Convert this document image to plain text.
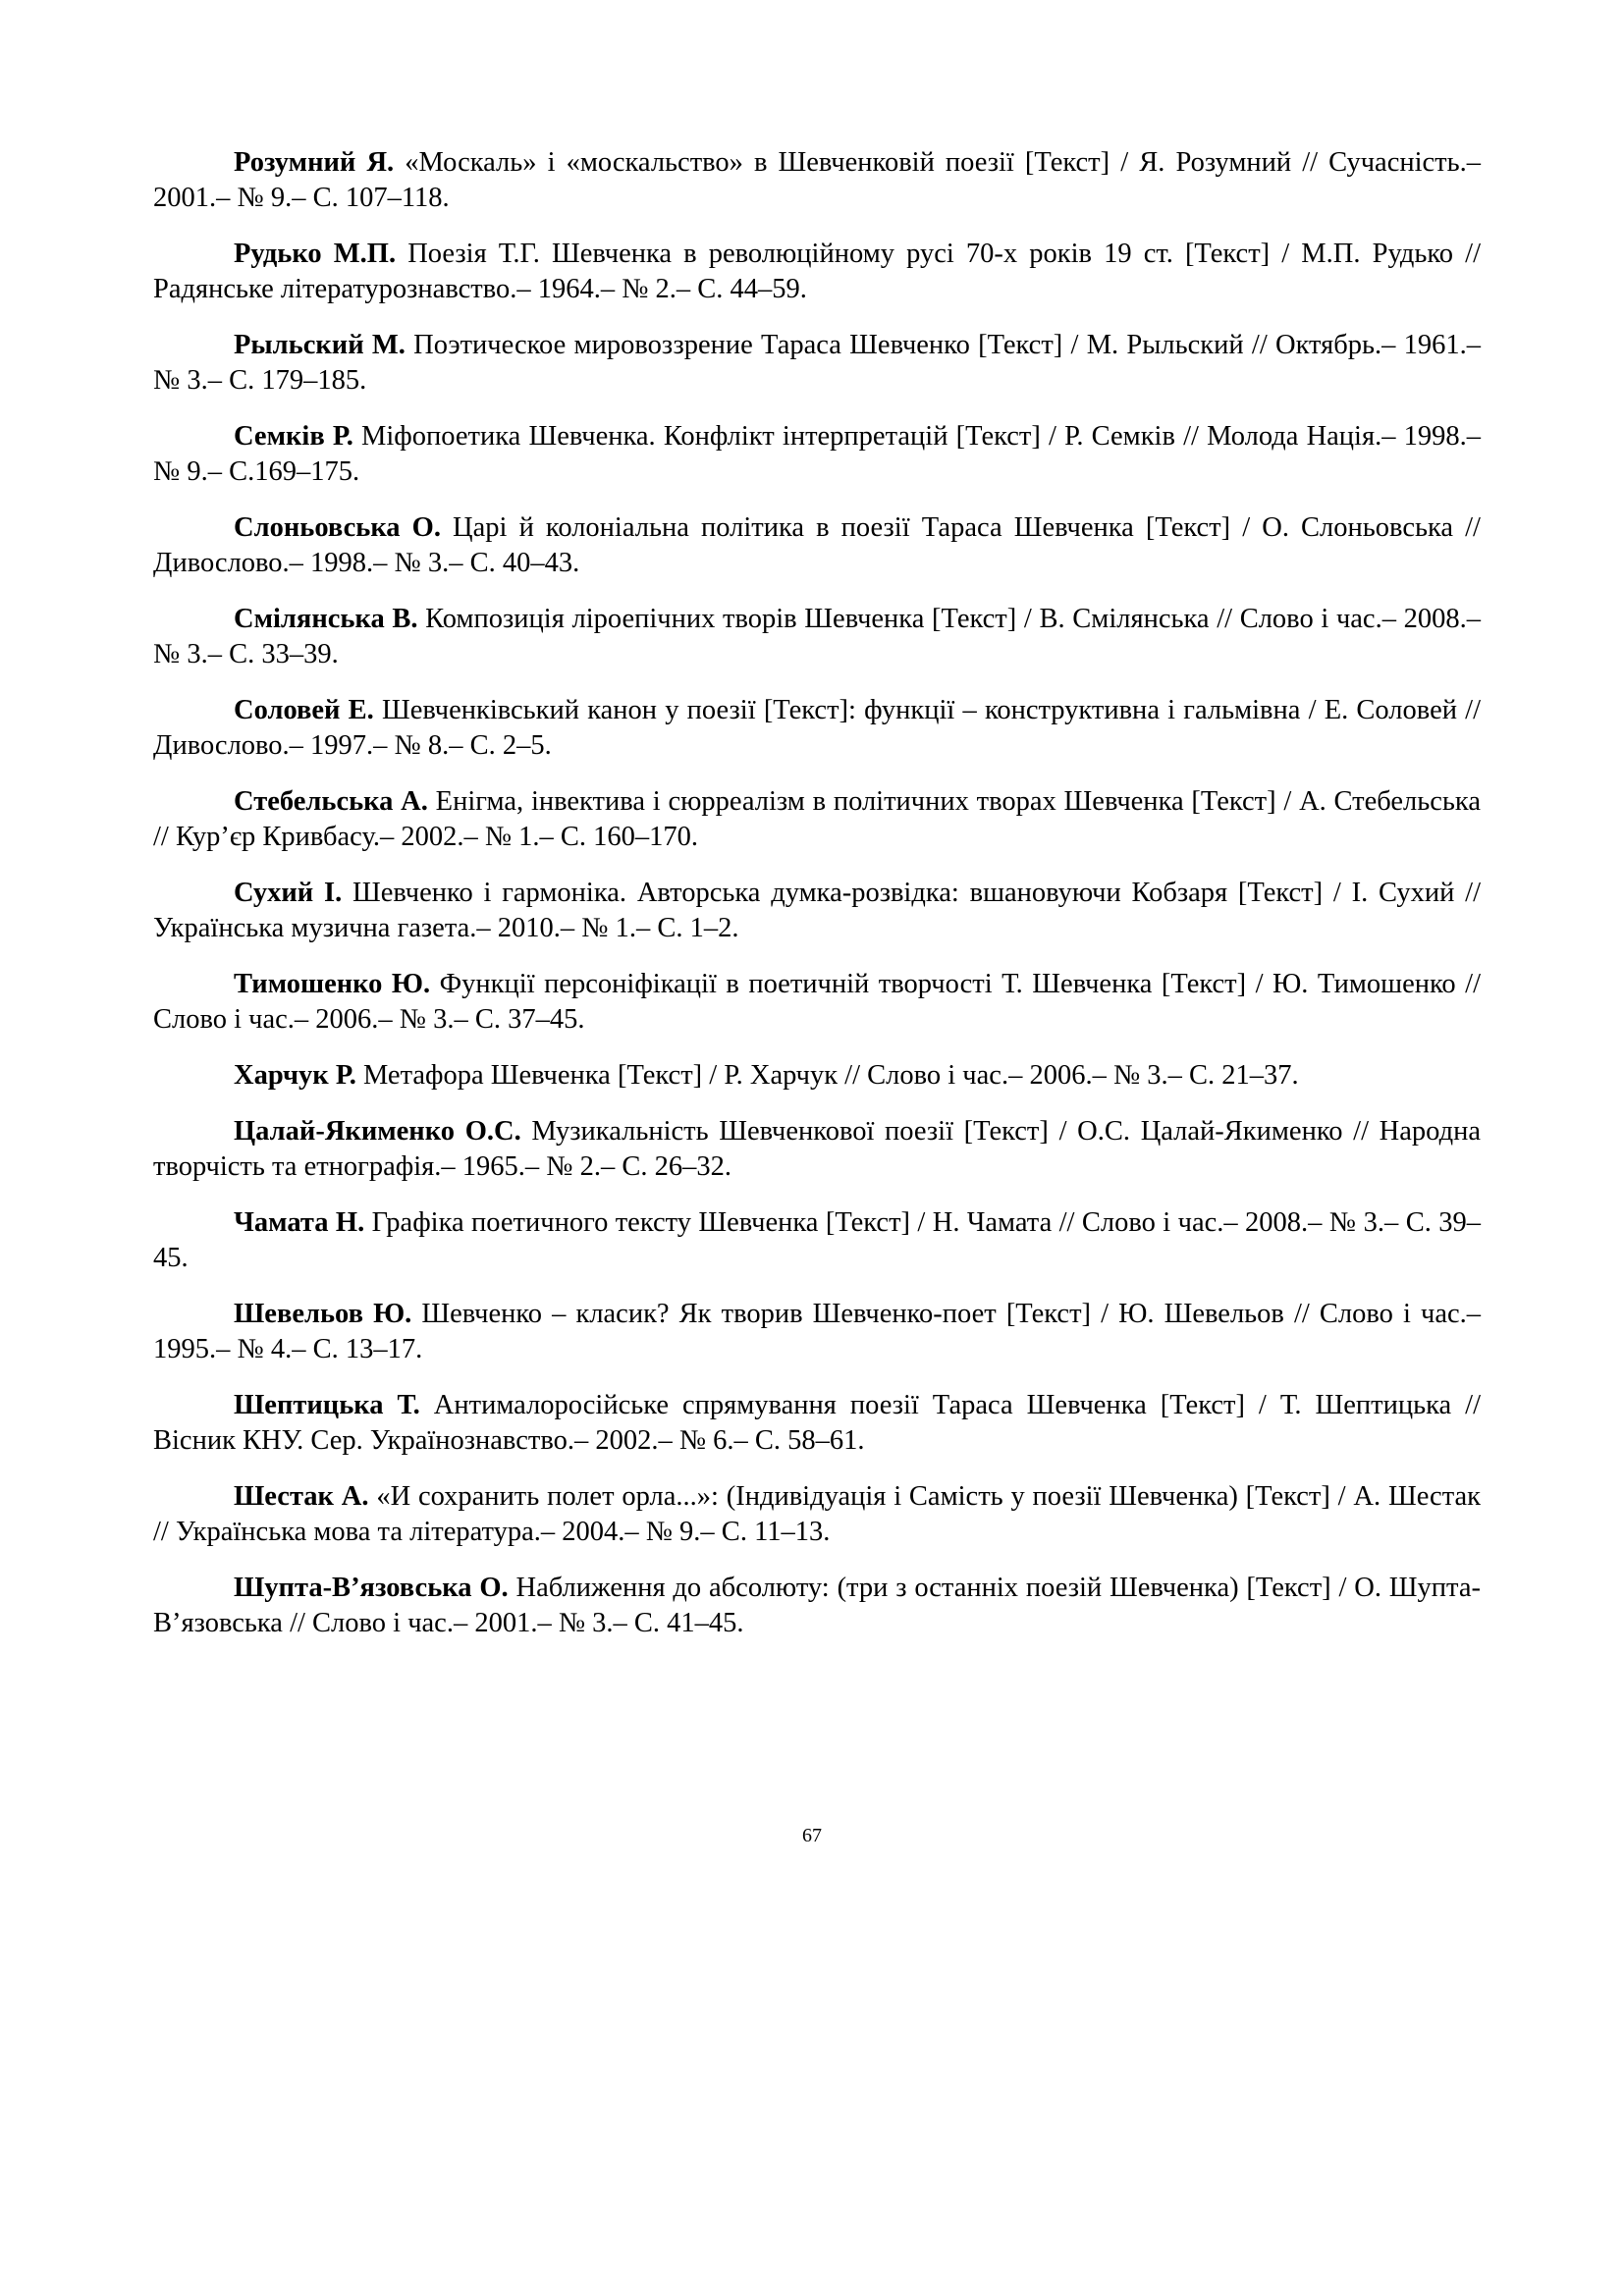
Розумний Я. «Москаль» і «москальство» в Шевченковій поезії [Текст] / Я. Розумний // Сучасність.– 2001.– № 9.– С. 107–118.

Рудько М.П. Поезія Т.Г. Шевченка в революційному русі 70-х років 19 ст. [Текст] / М.П. Рудько // Радянське літературознавство.– 1964.– № 2.– С. 44–59.

Рыльский М. Поэтическое мировоззрение Тараса Шевченко [Текст] / М. Рыльский // Октябрь.– 1961.– № 3.– С. 179–185.

Семків Р. Міфопоетика Шевченка. Конфлікт інтерпретацій [Текст] / Р. Семків // Молода Нація.– 1998.– № 9.– С.169–175.

Слоньовська О. Царі й колоніальна політика в поезії Тараса Шевченка [Текст] / О. Слоньовська // Дивослово.– 1998.– № 3.– С. 40–43.

Смілянська В. Композиція ліроепічних творів Шевченка [Текст] / В. Смілянська // Слово і час.– 2008.– № 3.– С. 33–39.

Соловей Е. Шевченківський канон у поезії [Текст]: функції – конструктивна і гальмівна / Е. Соловей // Дивослово.– 1997.– № 8.– С. 2–5.

Стебельська А. Енігма, інвектива і сюрреалізм в політичних творах Шевченка [Текст] / А. Стебельська // Кур’єр Кривбасу.– 2002.– № 1.– С. 160–170.

Сухий І. Шевченко і гармоніка. Авторська думка-розвідка: вшановуючи Кобзаря [Текст] / І. Сухий // Українська музична газета.– 2010.– № 1.– С. 1–2.

Тимошенко Ю. Функції персоніфікації в поетичній творчості Т. Шевченка [Текст] / Ю. Тимошенко // Слово і час.– 2006.– № 3.– С. 37–45.

Харчук Р. Метафора Шевченка [Текст] / Р. Харчук // Слово і час.– 2006.– № 3.– С. 21–37.

Цалай-Якименко О.С. Музикальність Шевченкової поезії [Текст] / О.С. Цалай-Якименко // Народна творчість та етнографія.– 1965.– № 2.– С. 26–32.

Чамата Н. Графіка поетичного тексту Шевченка [Текст] / Н. Чамата // Слово і час.– 2008.– № 3.– С. 39–45.

Шевельов Ю. Шевченко – класик? Як творив Шевченко-поет [Текст] / Ю. Шевельов // Слово і час.– 1995.– № 4.– С. 13–17.

Шептицька Т. Антималоросійське спрямування поезії Тараса Шевченка [Текст] / Т. Шептицька // Вісник КНУ. Сер. Українознавство.– 2002.– № 6.– С. 58–61.

Шестак А. «И сохранить полет орла...»: (Індивідуація і Самість у поезії Шевченка) [Текст] / А. Шестак // Українська мова та література.– 2004.– № 9.– С. 11–13.

Шупта-В’язовська О. Наближення до абсолюту: (три з останніх поезій Шевченка) [Текст] / О. Шупта-В’язовська // Слово і час.– 2001.– № 3.– С. 41–45.

67
